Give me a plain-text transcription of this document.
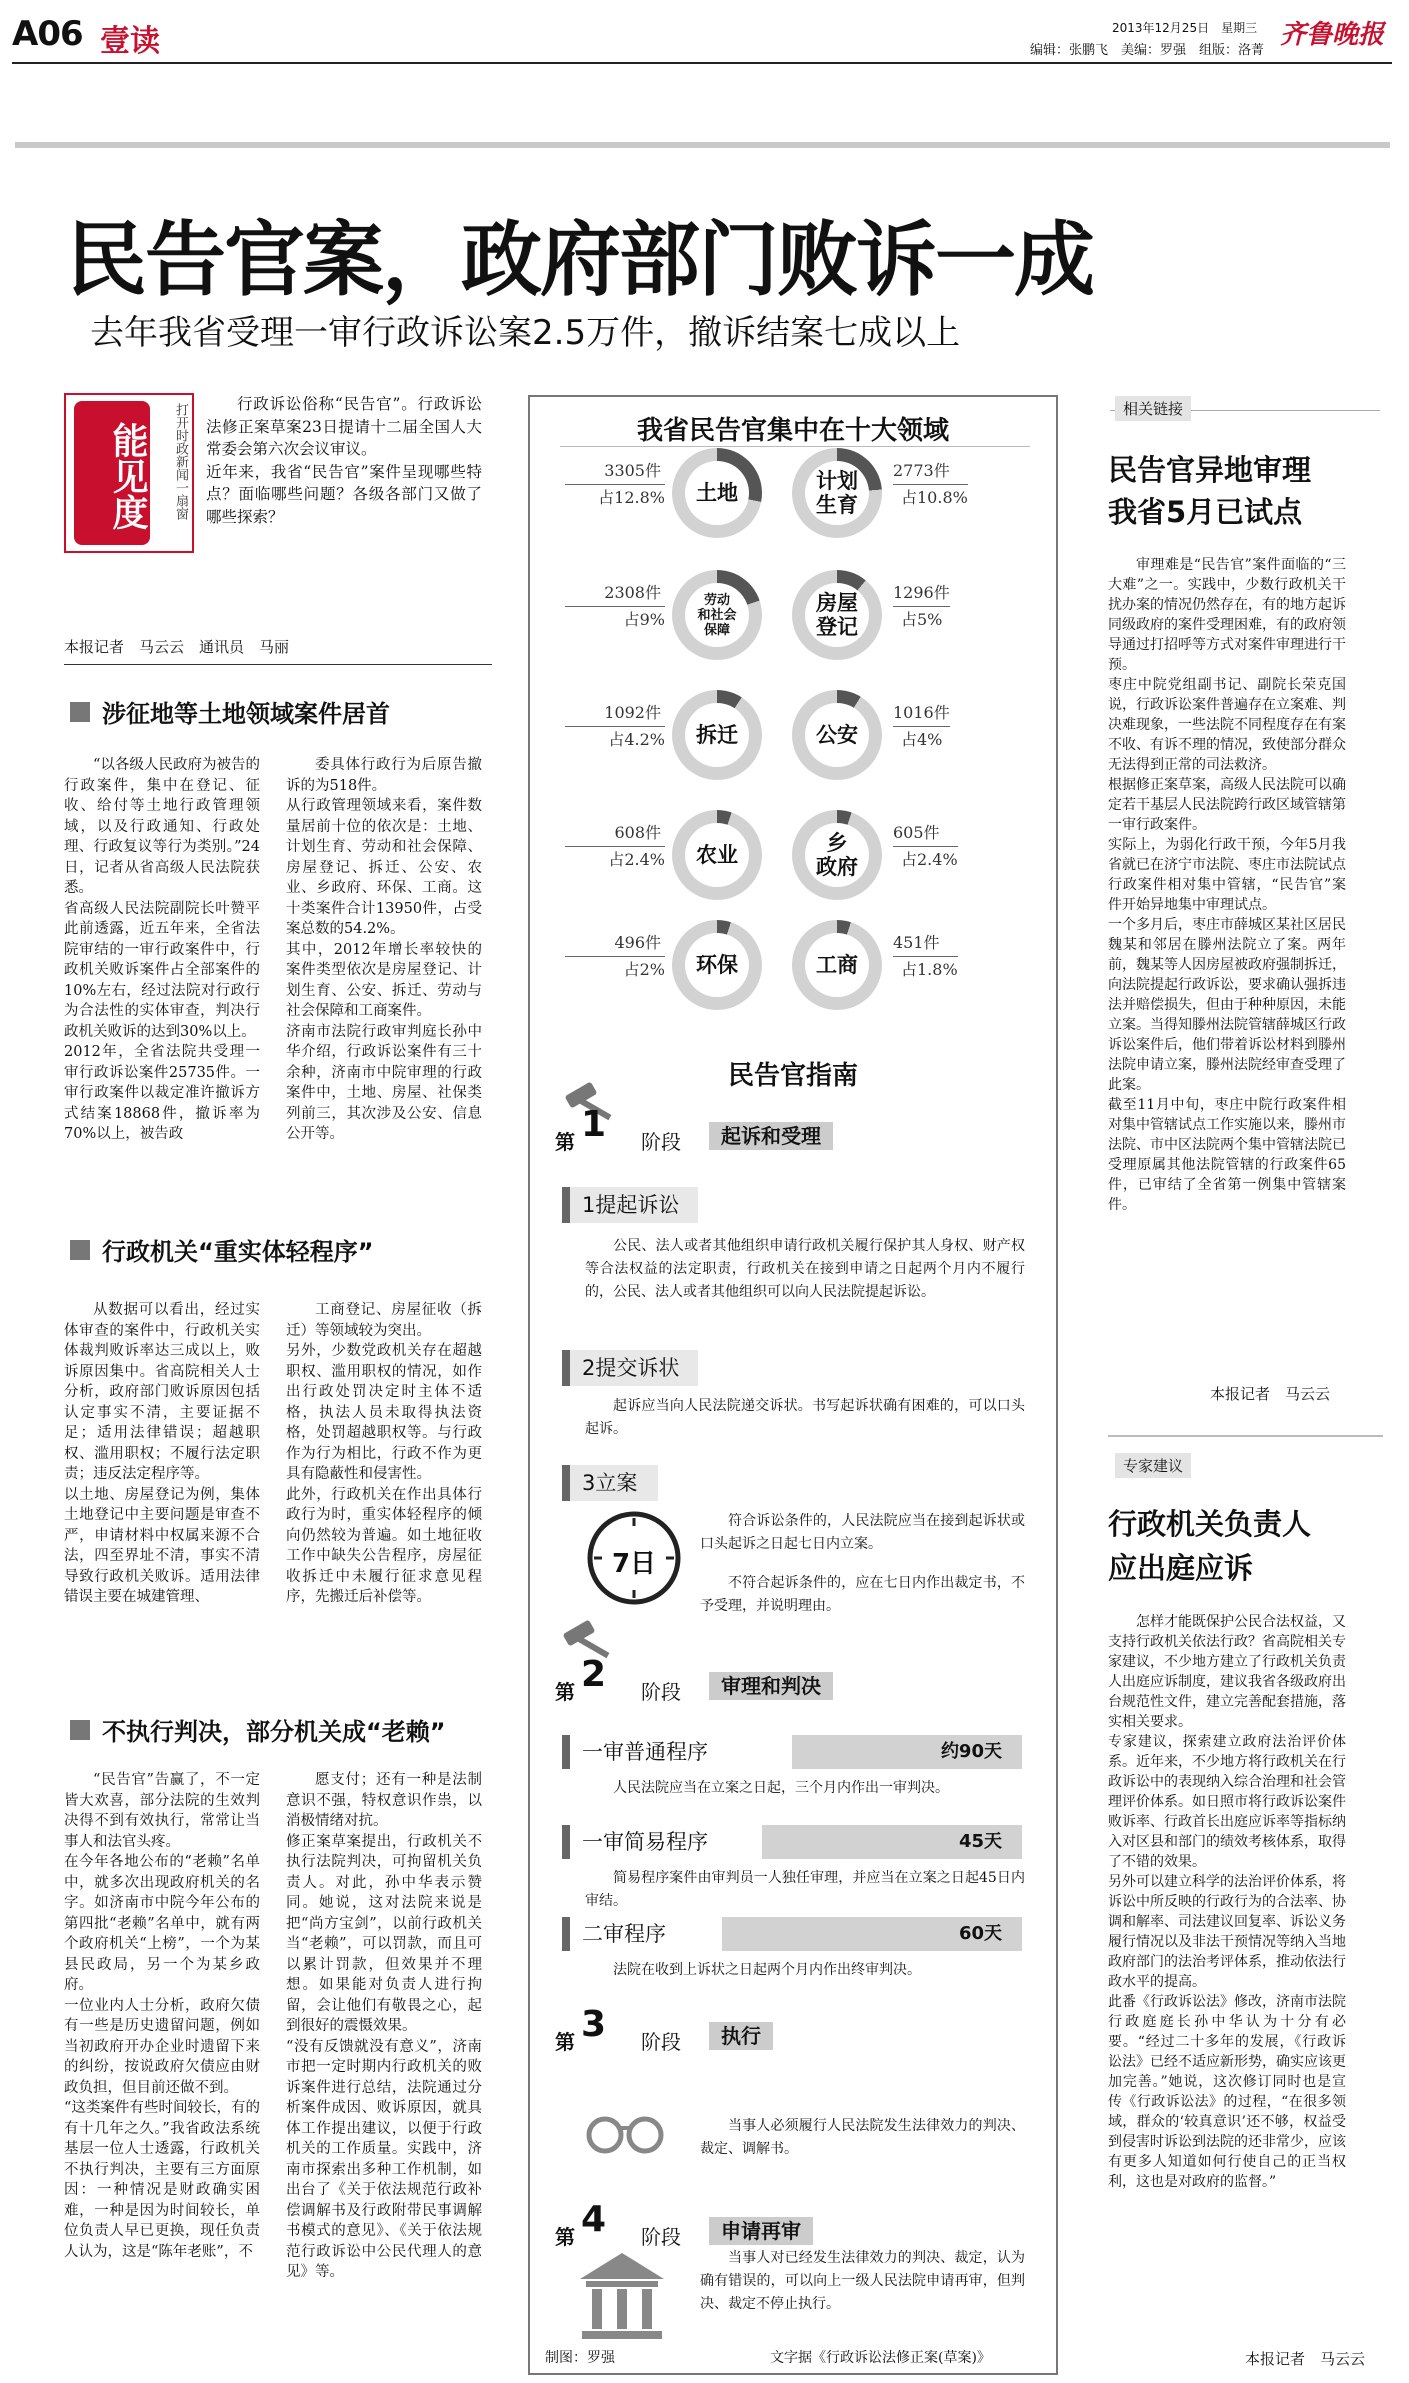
A06 壹读	2013年12月25日　星期三
编辑：张鹏飞　美编：罗强　组版：洛菁
齐鲁晚报
民告官案，政府部门败诉一成
去年我省受理一审行政诉讼案2.5万件，撤诉结案七成以上
能见度	打开时政新闻一扇窗	行政诉讼俗称“民告官”。行政诉讼法修正案草案23日提请十二届全国人大常委会第六次会议审议。
近年来，我省“民告官”案件呈现哪些特点？面临哪些问题？各级各部门又做了哪些探索？

本报记者　马云云　通讯员　马丽
涉征地等土地领域案件居首

“以各级人民政府为被告的行政案件，集中在登记、征收、给付等土地行政管理领域，以及行政通知、行政处理、行政复议等行为类别。”24日，记者从省高级人民法院获悉。
省高级人民法院副院长叶赞平此前透露，近五年来，全省法院审结的一审行政案件中，行政机关败诉案件占全部案件的10%左右，经过法院对行政行为合法性的实体审查，判决行政机关败诉的达到30%以上。
2012年，全省法院共受理一审行政诉讼案件25735件。一审行政案件以裁定准许撤诉方式结案18868件，撤诉率为70%以上，被告政

委具体行政行为后原告撤诉的为518件。
从行政管理领域来看，案件数量居前十位的依次是：土地、计划生育、劳动和社会保障、房屋登记、拆迁、公安、农业、乡政府、环保、工商。这十类案件合计13950件，占受案总数的54.2%。
其中，2012年增长率较快的案件类型依次是房屋登记、计划生育、公安、拆迁、劳动与社会保障和工商案件。
济南市法院行政审判庭长孙中华介绍，行政诉讼案件有三十余种，济南市中院审理的行政案件中，土地、房屋、社保类列前三，其次涉及公安、信息公开等。

行政机关“重实体轻程序”

从数据可以看出，经过实体审查的案件中，行政机关实体裁判败诉率达三成以上，败诉原因集中。省高院相关人士分析，政府部门败诉原因包括认定事实不清，主要证据不足；适用法律错误；超越职权、滥用职权；不履行法定职责；违反法定程序等。
以土地、房屋登记为例，集体土地登记中主要问题是审查不严，申请材料中权属来源不合法，四至界址不清，事实不清导致行政机关败诉。适用法律错误主要在城建管理、

工商登记、房屋征收（拆迁）等领域较为突出。
另外，少数党政机关存在超越职权、滥用职权的情况，如作出行政处罚决定时主体不适格，执法人员未取得执法资格，处罚超越职权等。与行政作为行为相比，行政不作为更具有隐蔽性和侵害性。
此外，行政机关在作出具体行政行为时，重实体轻程序的倾向仍然较为普遍。如土地征收工作中缺失公告程序，房屋征收拆迁中未履行征求意见程序，先搬迁后补偿等。

不执行判决，部分机关成“老赖”

“民告官”告赢了，不一定皆大欢喜，部分法院的生效判决得不到有效执行，常常让当事人和法官头疼。
在今年各地公布的“老赖”名单中，就多次出现政府机关的名字。如济南市中院今年公布的第四批“老赖”名单中，就有两个政府机关“上榜”，一个为某县民政局，另一个为某乡政府。
一位业内人士分析，政府欠债有一些是历史遗留问题，例如当初政府开办企业时遗留下来的纠纷，按说政府欠债应由财政负担，但目前还做不到。
“这类案件有些时间较长，有的有十几年之久。”我省政法系统基层一位人士透露，行政机关不执行判决，主要有三方面原因：一种情况是财政确实困难，一种是因为时间较长，单位负责人早已更换，现任负责人认为，这是“陈年老账”，不

愿支付；还有一种是法制意识不强，特权意识作祟，以消极情绪对抗。
修正案草案提出，行政机关不执行法院判决，可拘留机关负责人。对此，孙中华表示赞同。她说，这对法院来说是把“尚方宝剑”，以前行政机关当“老赖”，可以罚款，而且可以累计罚款，但效果并不理想。如果能对负责人进行拘留，会让他们有敬畏之心，起到很好的震慑效果。
“没有反馈就没有意义”，济南市把一定时期内行政机关的败诉案件进行总结，法院通过分析案件成因、败诉原因，就具体工作提出建议，以便于行政机关的工作质量。实践中，济南市探索出多种工作机制，如出台了《关于依法规范行政补偿调解书及行政附带民事调解书模式的意见》、《关于依法规范行政诉讼中公民代理人的意见》等。

我省民告官集中在十大领域
土地
3305件
占12.8%
计划
生育
2773件
占10.8%
劳动
和社会
保障
2308件
占9%
房屋
登记
1296件
占5%
拆迁
1092件
占4.2%	公安
1016件
占4%
农业
608件
占2.4%
乡
政府
605件
占2.4%
环保
496件
占2%	工商
451件
占1.8%
民告官指南
第 1 阶段	起诉和受理
第 2 阶段	审理和判决
第 3 阶段	执行
第 4 阶段	申请再审
1提起诉讼

公民、法人或者其他组织申请行政机关履行保护其人身权、财产权等合法权益的法定职责，行政机关在接到申请之日起两个月内不履行的，公民、法人或者其他组织可以向人民法院提起诉讼。

2提交诉状

起诉应当向人民法院递交诉状。书写起诉状确有困难的，可以口头起诉。

3立案
7日

符合诉讼条件的，人民法院应当在接到起诉状或口头起诉之日起七日内立案。

不符合起诉条件的，应在七日内作出裁定书，不予受理，并说明理由。

一审普通程序	约90天

人民法院应当在立案之日起，三个月内作出一审判决。

一审简易程序	45天

简易程序案件由审判员一人独任审理，并应当在立案之日起45日内审结。

二审程序	60天

法院在收到上诉状之日起两个月内作出终审判决。

当事人必须履行人民法院发生法律效力的判决、裁定、调解书。

当事人对已经发生法律效力的判决、裁定，认为确有错误的，可以向上一级人民法院申请再审，但判决、裁定不停止执行。

制图：罗强	文字据《行政诉讼法修正案(草案)》
相关链接
民告官异地审理
我省5月已试点

审理难是“民告官”案件面临的“三大难”之一。实践中，少数行政机关干扰办案的情况仍然存在，有的地方起诉同级政府的案件受理困难，有的政府领导通过打招呼等方式对案件审理进行干预。
枣庄中院党组副书记、副院长荣克国说，行政诉讼案件普遍存在立案难、判决难现象，一些法院不同程度存在有案不收、有诉不理的情况，致使部分群众无法得到正常的司法救济。
根据修正案草案，高级人民法院可以确定若干基层人民法院跨行政区域管辖第一审行政案件。
实际上，为弱化行政干预，今年5月我省就已在济宁市法院、枣庄市法院试点行政案件相对集中管辖，“民告官”案件开始异地集中审理试点。
一个多月后，枣庄市薛城区某社区居民魏某和邻居在滕州法院立了案。两年前，魏某等人因房屋被政府强制拆迁，向法院提起行政诉讼，要求确认强拆违法并赔偿损失，但由于种种原因，未能立案。当得知滕州法院管辖薛城区行政诉讼案件后，他们带着诉讼材料到滕州法院申请立案，滕州法院经审查受理了此案。
截至11月中旬，枣庄中院行政案件相对集中管辖试点工作实施以来，滕州市法院、市中区法院两个集中管辖法院已受理原属其他法院管辖的行政案件65件，已审结了全省第一例集中管辖案件。

本报记者　马云云
专家建议
行政机关负责人
应出庭应诉

怎样才能既保护公民合法权益，又支持行政机关依法行政？省高院相关专家建议，不少地方建立了行政机关负责人出庭应诉制度，建议我省各级政府出台规范性文件，建立完善配套措施，落实相关要求。
专家建议，探索建立政府法治评价体系。近年来，不少地方将行政机关在行政诉讼中的表现纳入综合治理和社会管理评价体系。如日照市将行政诉讼案件败诉率、行政首长出庭应诉率等指标纳入对区县和部门的绩效考核体系，取得了不错的效果。
另外可以建立科学的法治评价体系，将诉讼中所反映的行政行为的合法率、协调和解率、司法建议回复率、诉讼义务履行情况以及非法干预情况等纳入当地政府部门的法治考评体系，推动依法行政水平的提高。
此番《行政诉讼法》修改，济南市法院行政庭庭长孙中华认为十分有必要。“经过二十多年的发展，《行政诉讼法》已经不适应新形势，确实应该更加完善。”她说，这次修订同时也是宣传《行政诉讼法》的过程，“在很多领域，群众的‘较真意识’还不够，权益受到侵害时诉讼到法院的还非常少，应该有更多人知道如何行使自己的正当权利，这也是对政府的监督。”

本报记者　马云云
